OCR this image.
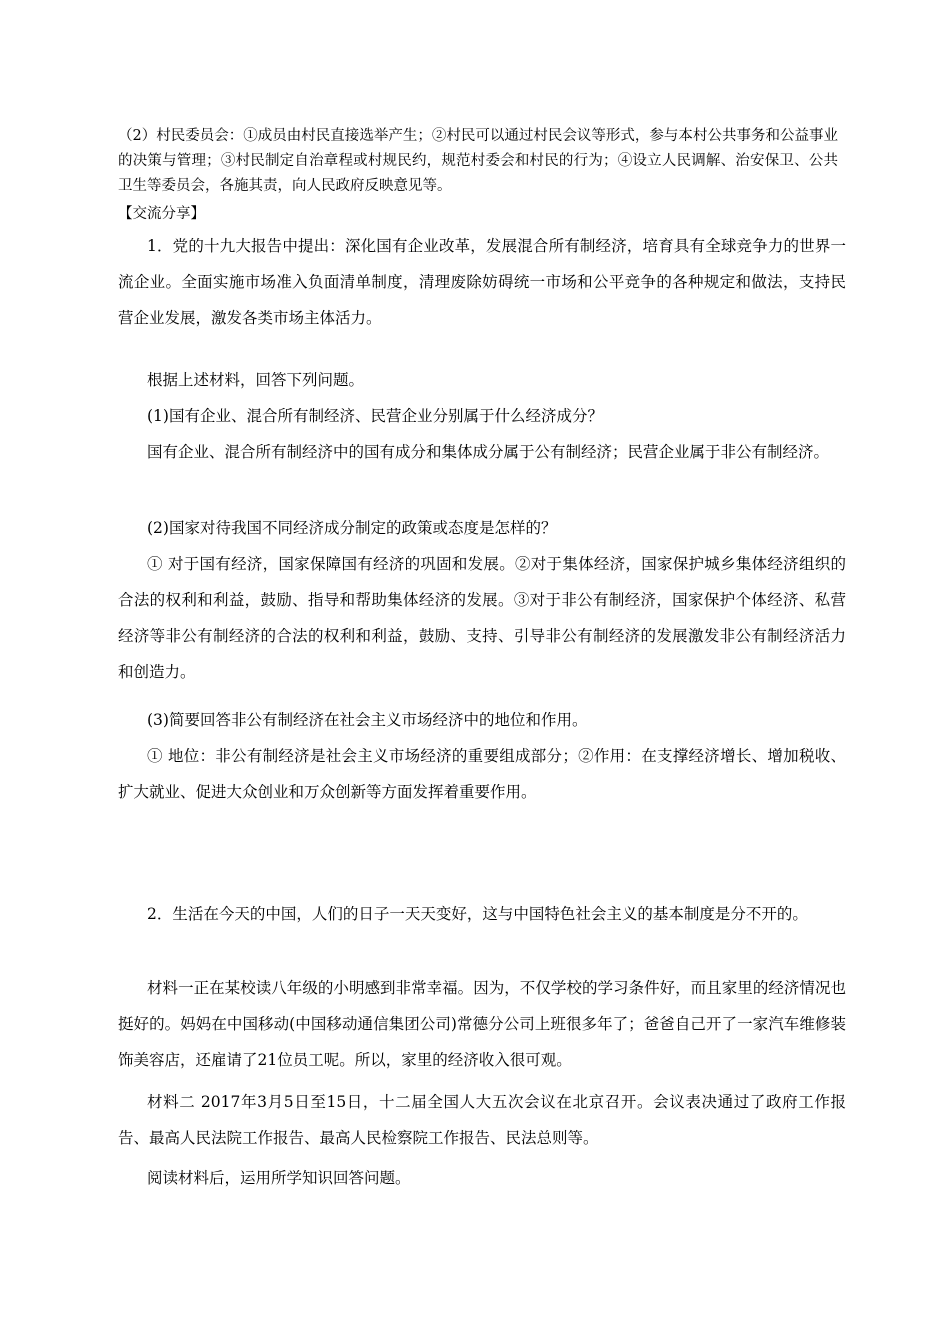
（2）村民委员会：①成员由村民直接选举产生；②村民可以通过村民会议等形式，参与本村公共事务和公益事业的决策与管理；③村民制定自治章程或村规民约，规范村委会和村民的行为；④设立人民调解、治安保卫、公共卫生等委员会，各施其责，向人民政府反映意见等。
【交流分享】
1．党的十九大报告中提出：深化国有企业改革，发展混合所有制经济，培育具有全球竞争力的世界一流企业。全面实施市场准入负面清单制度，清理废除妨碍统一市场和公平竞争的各种规定和做法，支持民营企业发展，激发各类市场主体活力。
根据上述材料，回答下列问题。
(1)国有企业、混合所有制经济、民营企业分别属于什么经济成分？
国有企业、混合所有制经济中的国有成分和集体成分属于公有制经济；民营企业属于非公有制经济。
(2)国家对待我国不同经济成分制定的政策或态度是怎样的？
① 对于国有经济，国家保障国有经济的巩固和发展。②对于集体经济，国家保护城乡集体经济组织的合法的权利和利益，鼓励、指导和帮助集体经济的发展。③对于非公有制经济，国家保护个体经济、私营经济等非公有制经济的合法的权利和利益，鼓励、支持、引导非公有制经济的发展激发非公有制经济活力和创造力。
(3)简要回答非公有制经济在社会主义市场经济中的地位和作用。
① 地位：非公有制经济是社会主义市场经济的重要组成部分；②作用：在支撑经济增长、增加税收、扩大就业、促进大众创业和万众创新等方面发挥着重要作用。
2．生活在今天的中国，人们的日子一天天变好，这与中国特色社会主义的基本制度是分不开的。
材料一正在某校读八年级的小明感到非常幸福。因为，不仅学校的学习条件好，而且家里的经济情况也挺好的。妈妈在中国移动(中国移动通信集团公司)常德分公司上班很多年了；爸爸自己开了一家汽车维修装饰美容店，还雇请了21位员工呢。所以，家里的经济收入很可观。
材料二 2017年3月5日至15日，十二届全国人大五次会议在北京召开。会议表决通过了政府工作报告、最高人民法院工作报告、最高人民检察院工作报告、民法总则等。
阅读材料后，运用所学知识回答问题。
